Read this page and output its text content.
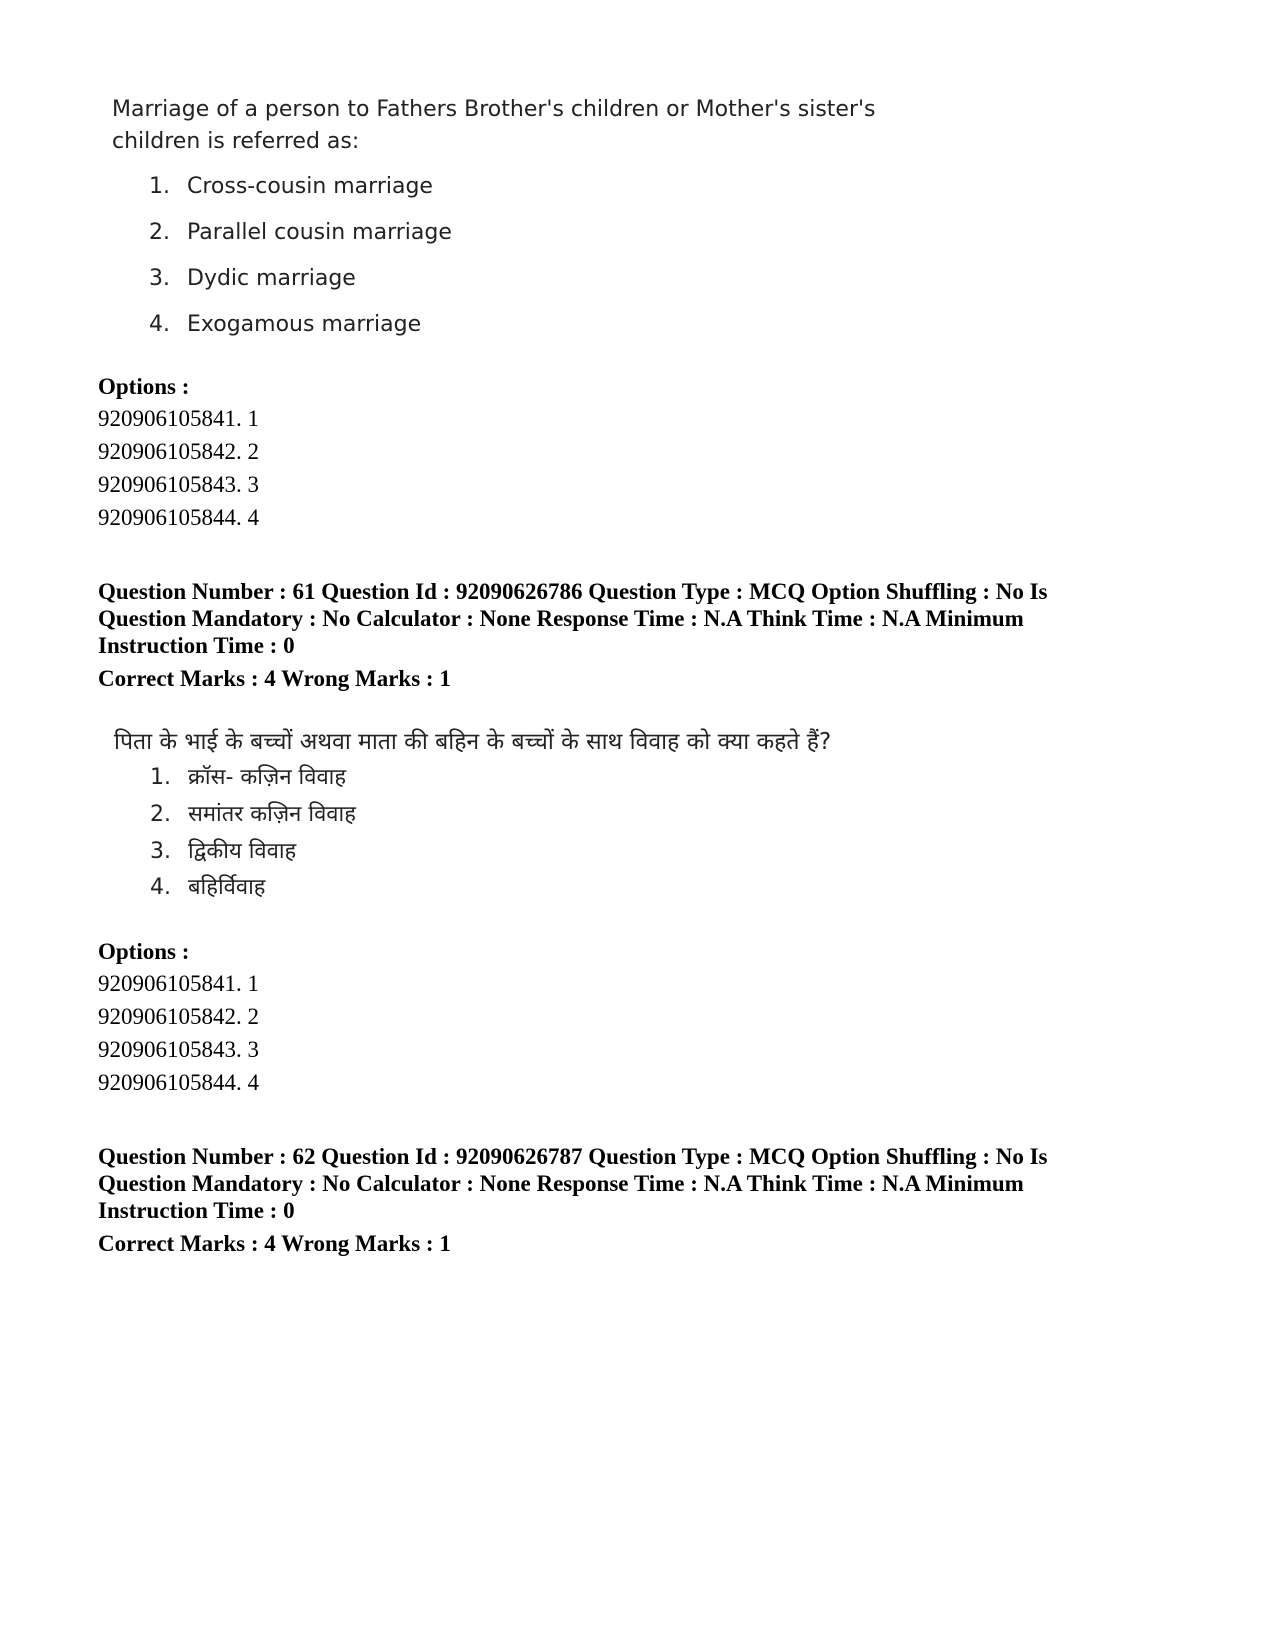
Marriage of a person to Fathers Brother's children or Mother's sister's
children is referred as:
1. Cross-cousin marriage
2. Parallel cousin marriage
3. Dydic marriage
4. Exogamous marriage
Options :
920906105841. 1
920906105842. 2
920906105843. 3
920906105844. 4
Question Number : 61 Question Id : 92090626786 Question Type : MCQ Option Shuffling : No Is
Question Mandatory : No Calculator : None Response Time : N.A Think Time : N.A Minimum
Instruction Time : 0
Correct Marks : 4 Wrong Marks : 1
पिता के भाई के बच्चों अथवा माता की बहिन के बच्चों के साथ विवाह को क्या कहते हैं?
1. क्रॉस- कज़िन विवाह
2. समांतर कज़िन विवाह
3. द्विकीय विवाह
4. बहिर्विवाह
Options :
920906105841. 1
920906105842. 2
920906105843. 3
920906105844. 4
Question Number : 62 Question Id : 92090626787 Question Type : MCQ Option Shuffling : No Is
Question Mandatory : No Calculator : None Response Time : N.A Think Time : N.A Minimum
Instruction Time : 0
Correct Marks : 4 Wrong Marks : 1
